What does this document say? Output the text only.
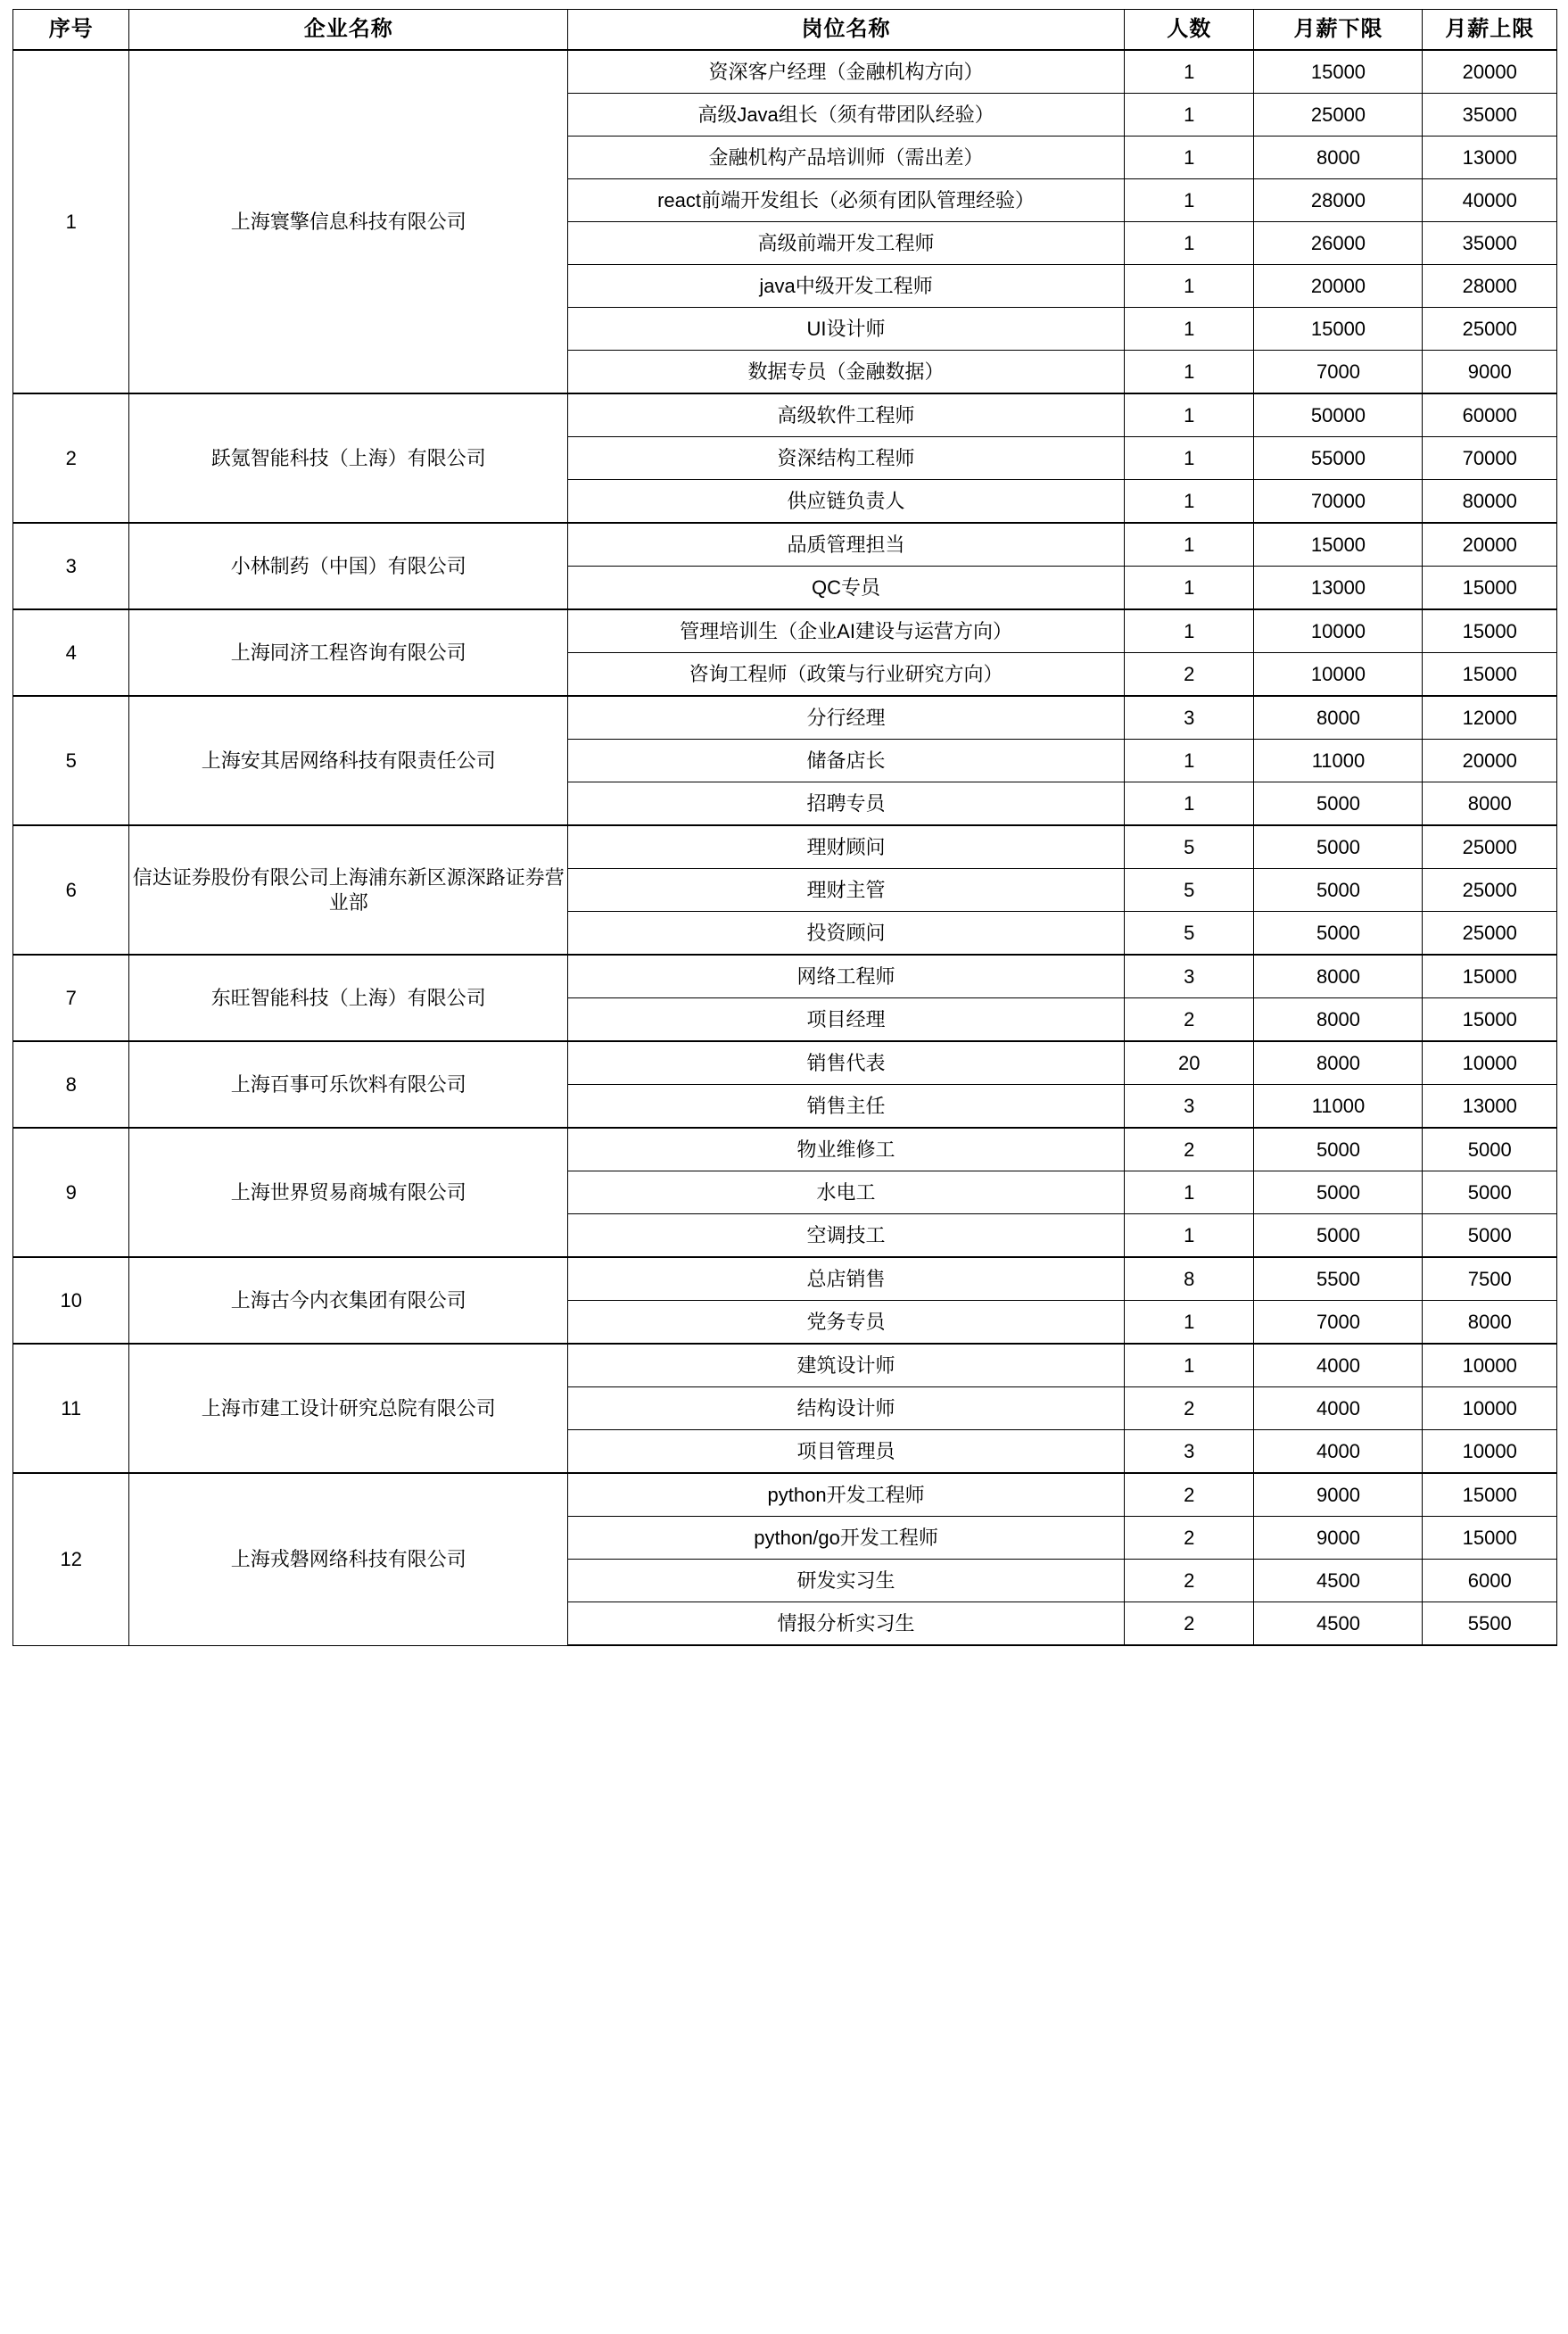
序号	企业名称	岗位名称	人数	月薪下限	月薪上限
1	上海寰擎信息科技有限公司	资深客户经理（金融机构方向）	1	15000	20000
		高级Java组长（须有带团队经验）	1	25000	35000
		金融机构产品培训师（需出差）	1	8000	13000
		react前端开发组长（必须有团队管理经验）	1	28000	40000
		高级前端开发工程师	1	26000	35000
		java中级开发工程师	1	20000	28000
		UI设计师	1	15000	25000
		数据专员（金融数据）	1	7000	9000
2	跃氪智能科技（上海）有限公司	高级软件工程师	1	50000	60000
		资深结构工程师	1	55000	70000
		供应链负责人	1	70000	80000
3	小林制药（中国）有限公司	品质管理担当	1	15000	20000
		QC专员	1	13000	15000
4	上海同济工程咨询有限公司	管理培训生（企业AI建设与运营方向）	1	10000	15000
		咨询工程师（政策与行业研究方向）	2	10000	15000
5	上海安其居网络科技有限责任公司	分行经理	3	8000	12000
		储备店长	1	11000	20000
		招聘专员	1	5000	8000
6	信达证券股份有限公司上海浦东新区源深路证券营业部	理财顾问	5	5000	25000
		理财主管	5	5000	25000
		投资顾问	5	5000	25000
7	东旺智能科技（上海）有限公司	网络工程师	3	8000	15000
		项目经理	2	8000	15000
8	上海百事可乐饮料有限公司	销售代表	20	8000	10000
		销售主任	3	11000	13000
9	上海世界贸易商城有限公司	物业维修工	2	5000	5000
		水电工	1	5000	5000
		空调技工	1	5000	5000
10	上海古今内衣集团有限公司	总店销售	8	5500	7500
		党务专员	1	7000	8000
11	上海市建工设计研究总院有限公司	建筑设计师	1	4000	10000
		结构设计师	2	4000	10000
		项目管理员	3	4000	10000
12	上海戎磐网络科技有限公司	python开发工程师	2	9000	15000
		python/go开发工程师	2	9000	15000
		研发实习生	2	4500	6000
		情报分析实习生	2	4500	5500
